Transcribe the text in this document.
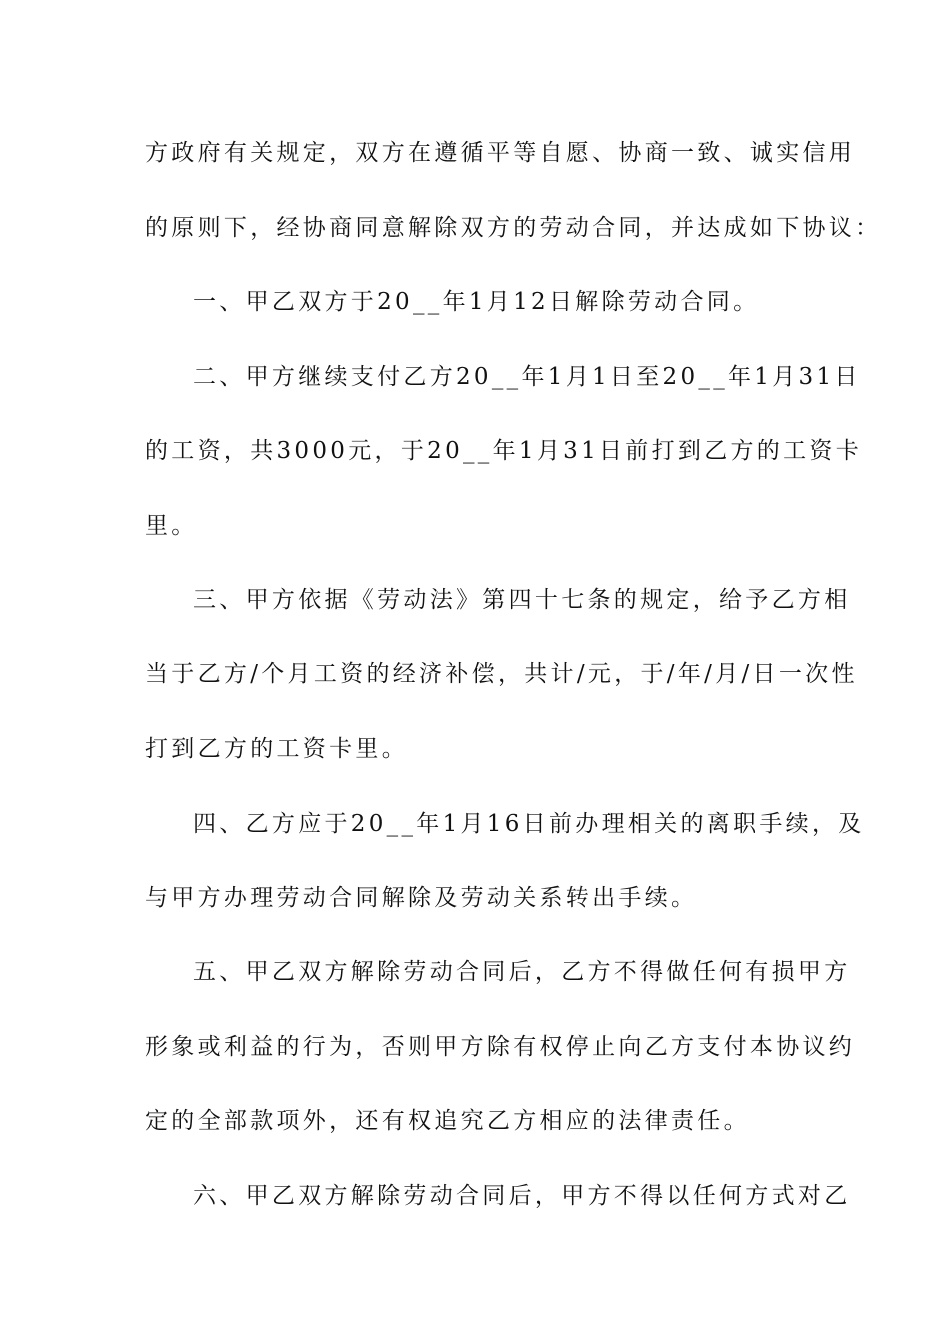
方政府有关规定，双方在遵循平等自愿、协商一致、诚实信用
的原则下，经协商同意解除双方的劳动合同，并达成如下协议：
一、甲乙双方于20__年1月12日解除劳动合同。
二、甲方继续支付乙方20__年1月1日至20__年1月31日
的工资，共3000元，于20__年1月31日前打到乙方的工资卡
里。
三、甲方依据《劳动法》第四十七条的规定，给予乙方相
当于乙方/个月工资的经济补偿，共计/元，于/年/月/日一次性
打到乙方的工资卡里。
四、乙方应于20__年1月16日前办理相关的离职手续，及
与甲方办理劳动合同解除及劳动关系转出手续。
五、甲乙双方解除劳动合同后，乙方不得做任何有损甲方
形象或利益的行为，否则甲方除有权停止向乙方支付本协议约
定的全部款项外，还有权追究乙方相应的法律责任。
六、甲乙双方解除劳动合同后，甲方不得以任何方式对乙
